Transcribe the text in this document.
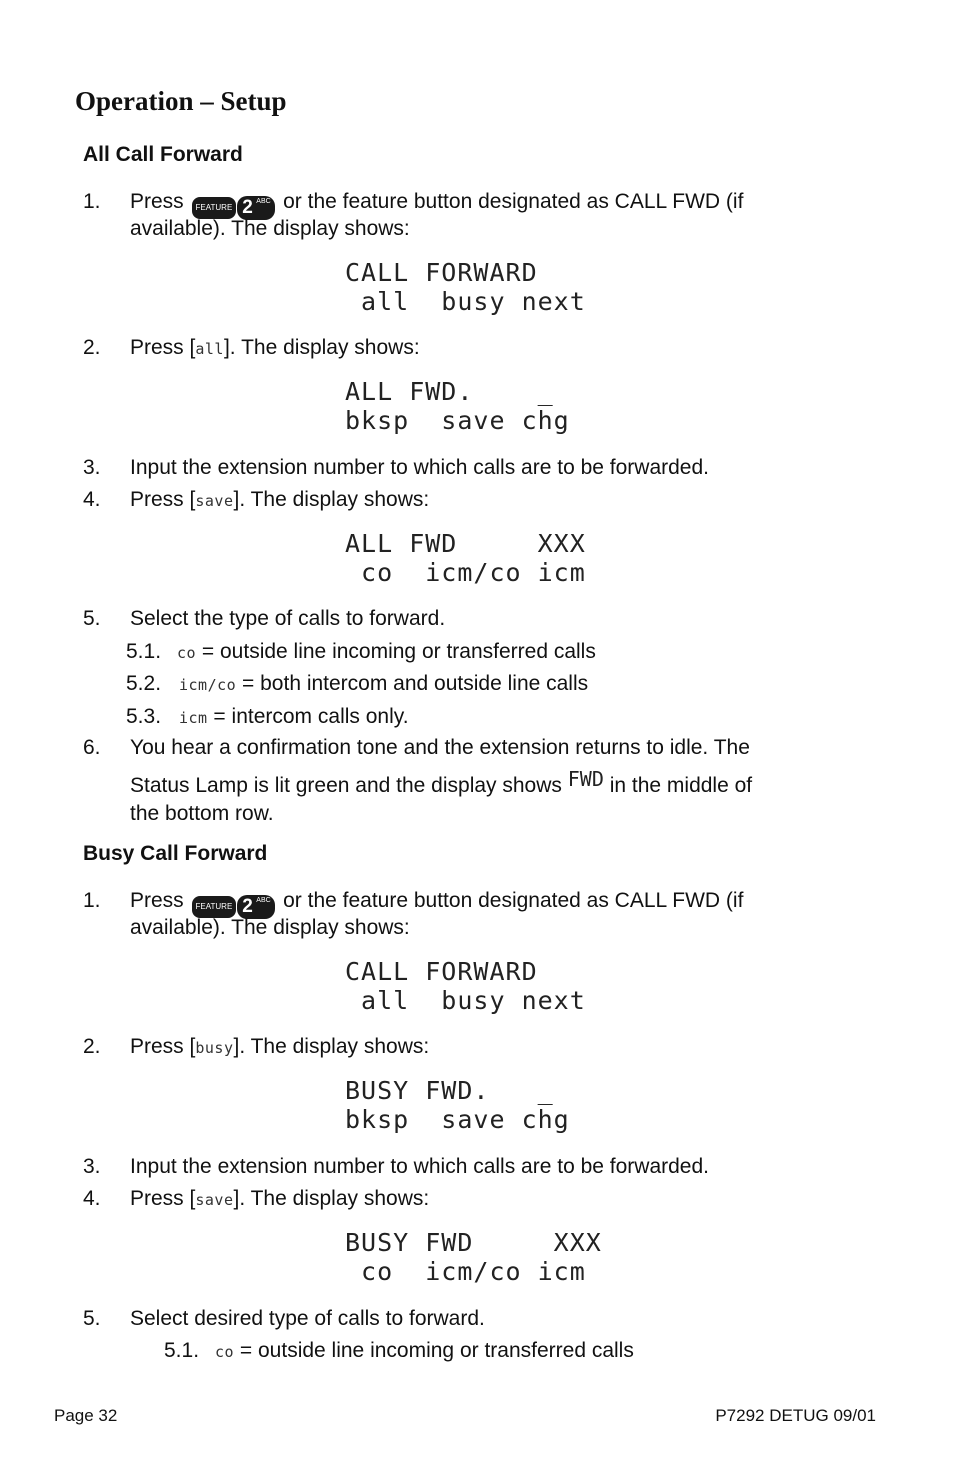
Operation – Setup
All Call Forward
1. Press	FEATURE 2 ABC or the feature button designated as CALL FWD (if
available). The display shows:
CALL FORWARD
all  busy next
2. Press [all]. The display shows:
ALL FWD.    _
bksp  save chg
3. Input the extension number to which calls are to be forwarded.
4. Press [save]. The display shows:
ALL FWD     XXX
co  icm/co icm
5. Select the type of calls to forward.
5.1. co = outside line incoming or transferred calls
5.2. icm/co = both intercom and outside line calls
5.3. icm = intercom calls only.
6. You hear a confirmation tone and the extension returns to idle. The
Status Lamp is lit green and the display shows FWD in the middle of
the bottom row.
Busy Call Forward
1. Press	FEATURE 2 ABC or the feature button designated as CALL FWD (if
available). The display shows:
CALL FORWARD
all  busy next
2. Press [busy]. The display shows:
BUSY FWD.   _
bksp  save chg
3. Input the extension number to which calls are to be forwarded.
4. Press [save]. The display shows:
BUSY FWD     XXX
co  icm/co icm
5. Select desired type of calls to forward.
5.1. co = outside line incoming or transferred calls
Page 32	P7292 DETUG 09/01
